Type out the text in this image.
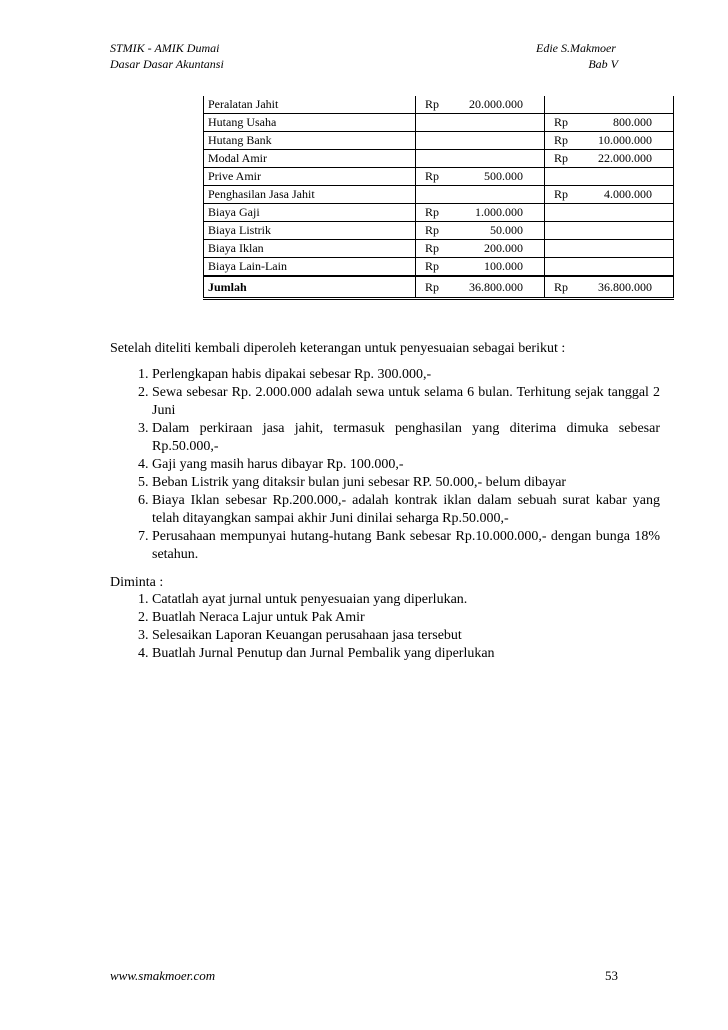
STMIK - AMIK Dumai
Dasar Dasar Akuntansi
Edie S.Makmoer
Bab V
Peralatan Jahit	Rp 20.000.000	
Hutang Usaha		Rp 800.000
Hutang Bank		Rp 10.000.000
Modal Amir		Rp 22.000.000
Prive Amir	Rp 500.000	
Penghasilan Jasa Jahit		Rp 4.000.000
Biaya Gaji	Rp 1.000.000	
Biaya Listrik	Rp 50.000	
Biaya Iklan	Rp 200.000	
Biaya Lain-Lain	Rp 100.000	
Jumlah	Rp 36.800.000	Rp 36.800.000
Setelah diteliti kembali diperoleh keterangan untuk penyesuaian sebagai berikut :
1. Perlengkapan habis dipakai sebesar Rp. 300.000,-
2. Sewa sebesar Rp. 2.000.000 adalah sewa untuk selama 6 bulan. Terhitung sejak tanggal 2 Juni
3. Dalam perkiraan jasa jahit, termasuk penghasilan yang diterima dimuka sebesar Rp.50.000,-
4. Gaji yang masih harus dibayar Rp. 100.000,-
5. Beban Listrik yang ditaksir bulan juni sebesar RP. 50.000,- belum dibayar
6. Biaya Iklan sebesar Rp.200.000,- adalah kontrak iklan dalam sebuah surat kabar yang telah ditayangkan sampai akhir Juni dinilai seharga Rp.50.000,-
7. Perusahaan mempunyai hutang-hutang Bank sebesar Rp.10.000.000,- dengan bunga 18% setahun.
Diminta :
1. Catatlah ayat jurnal untuk penyesuaian yang diperlukan.
2. Buatlah Neraca Lajur untuk Pak Amir
3. Selesaikan Laporan Keuangan perusahaan jasa tersebut
4. Buatlah Jurnal Penutup dan Jurnal Pembalik yang diperlukan
www.smakmoer.com	53
